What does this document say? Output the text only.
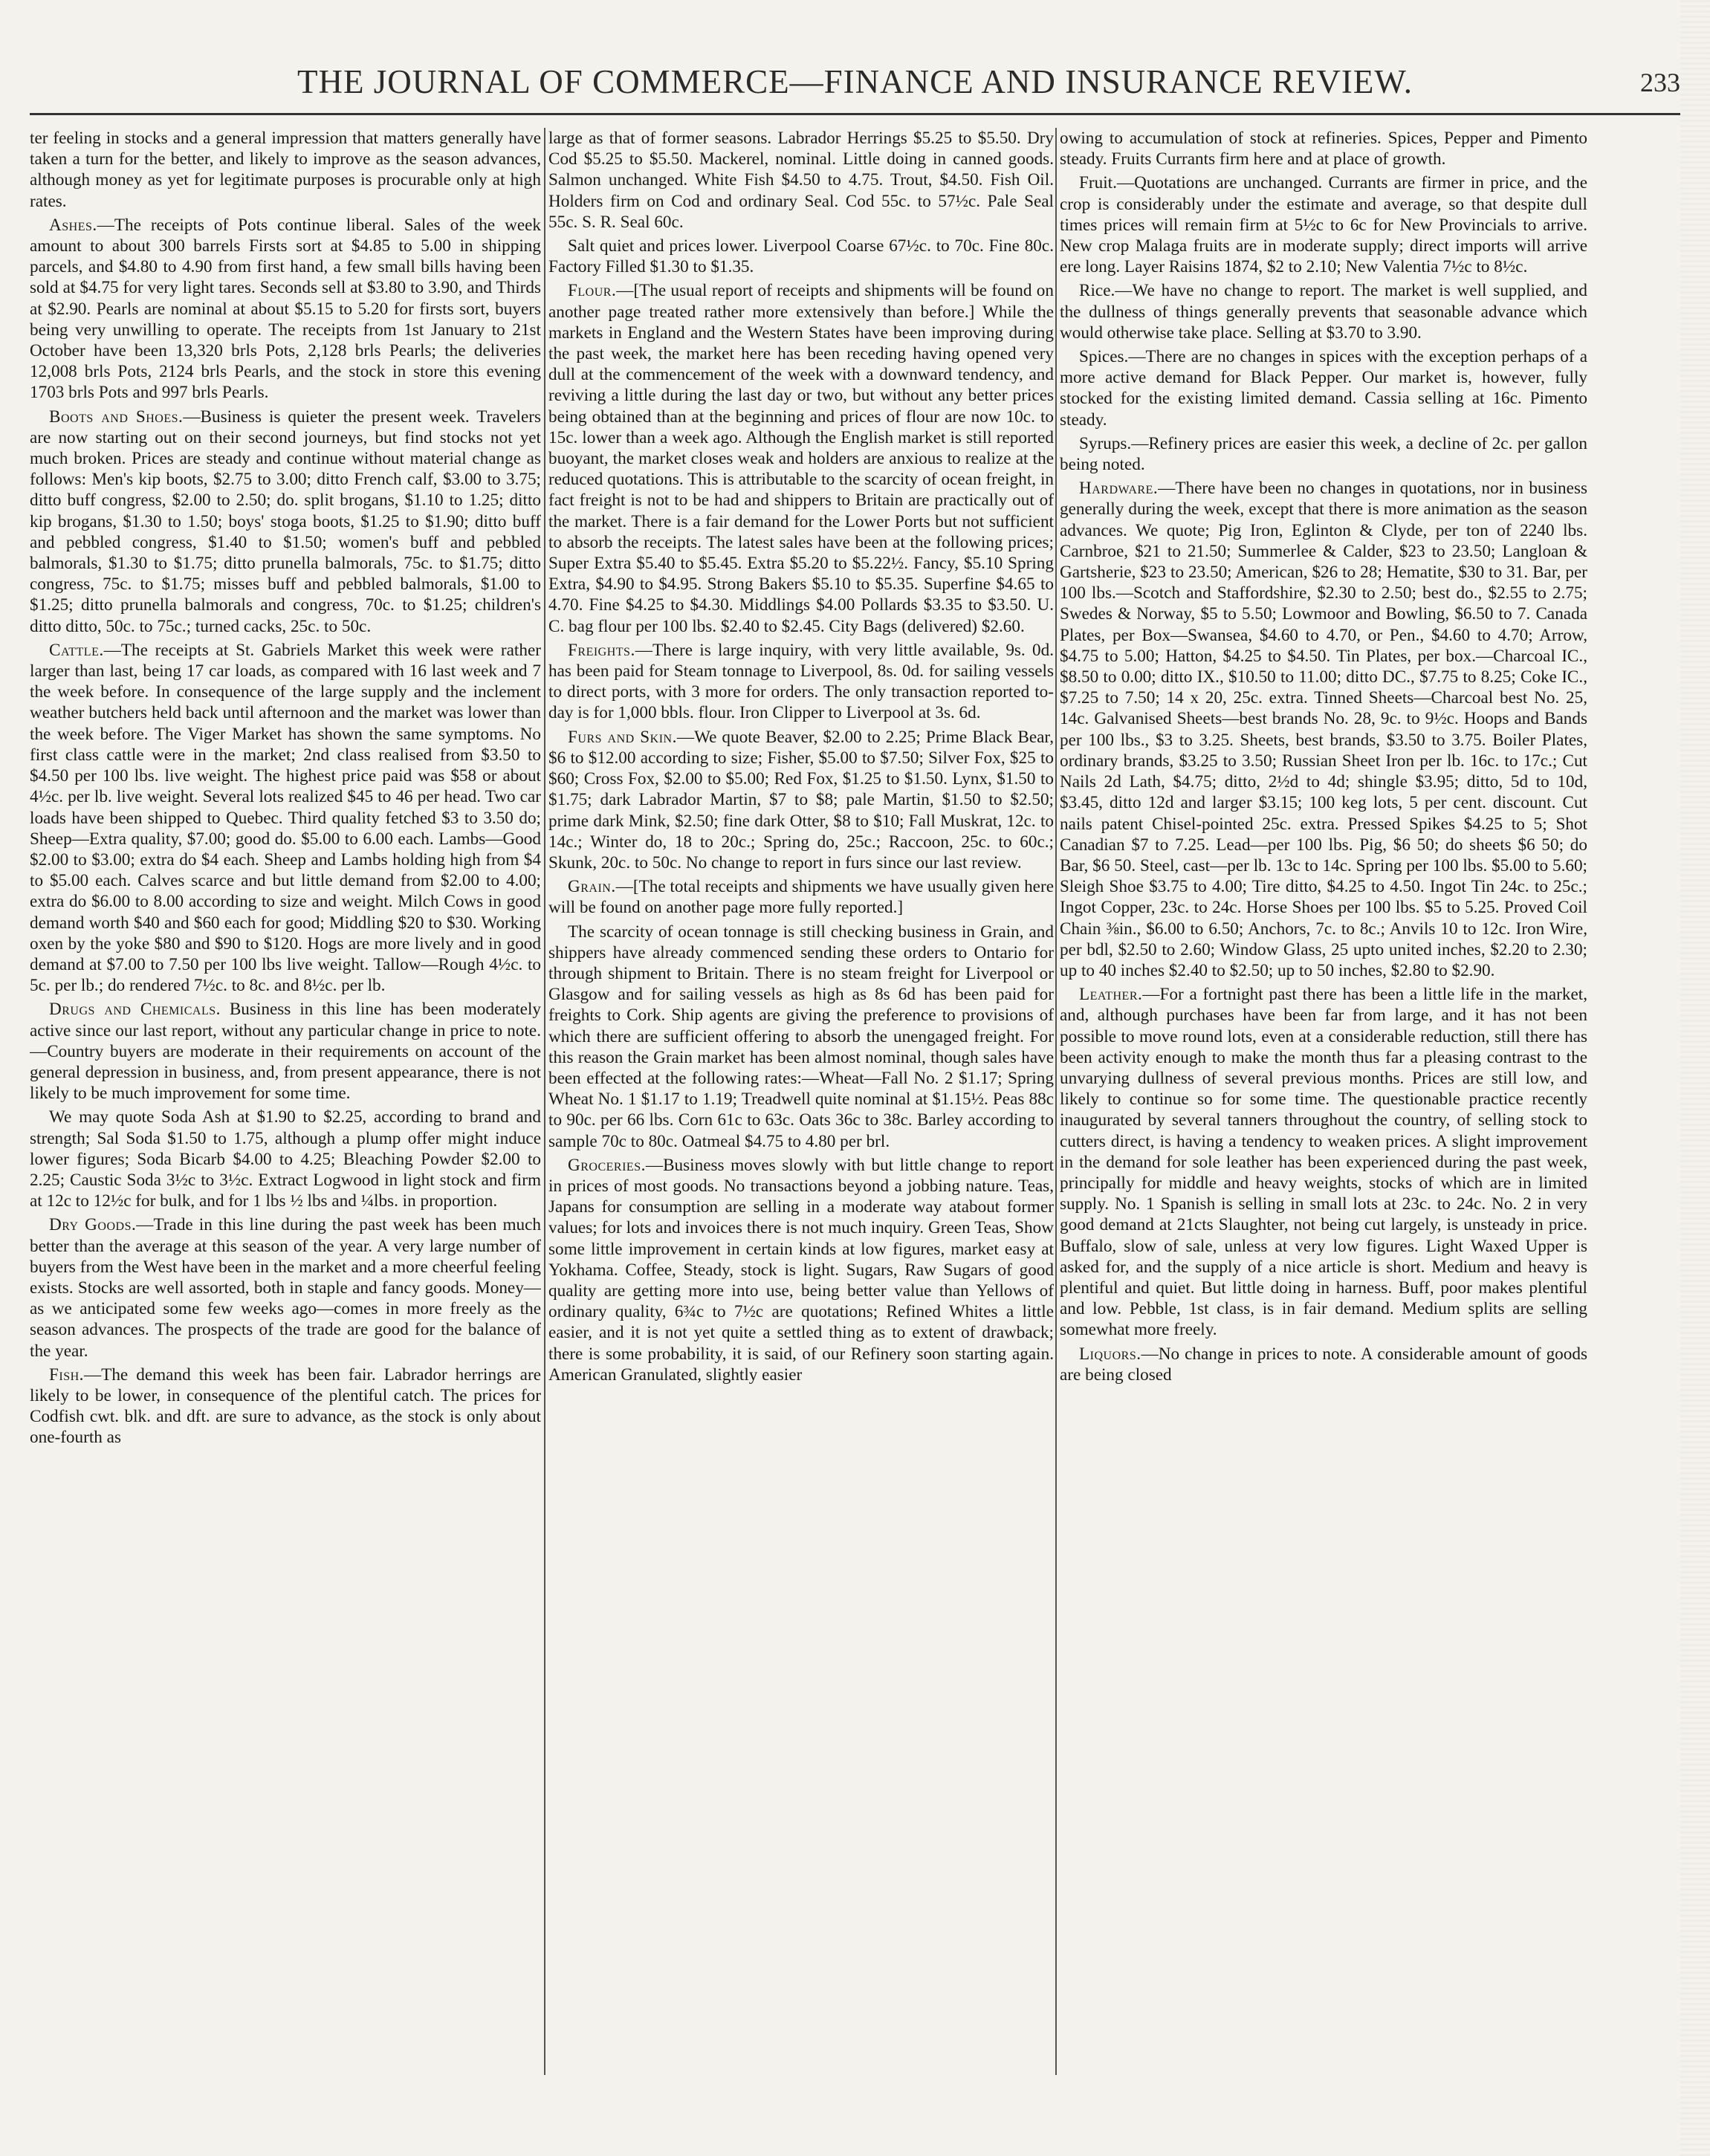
THE JOURNAL OF COMMERCE—FINANCE AND INSURANCE REVIEW.	233

ter feeling in stocks and a general impression that matters generally have taken a turn for the better, and likely to improve as the season advances, although money as yet for legitimate purposes is procurable only at high rates.

Ashes.—The receipts of Pots continue liberal. Sales of the week amount to about 300 barrels Firsts sort at $4.85 to 5.00 in shipping parcels, and $4.80 to 4.90 from first hand, a few small bills having been sold at $4.75 for very light tares. Seconds sell at $3.80 to 3.90, and Thirds at $2.90. Pearls are nominal at about $5.15 to 5.20 for firsts sort, buyers being very unwilling to operate. The receipts from 1st January to 21st October have been 13,320 brls Pots, 2,128 brls Pearls; the deliveries 12,008 brls Pots, 2124 brls Pearls, and the stock in store this evening 1703 brls Pots and 997 brls Pearls.

Boots and Shoes.—Business is quieter the present week. Travelers are now starting out on their second journeys, but find stocks not yet much broken. Prices are steady and continue without material change as follows: Men's kip boots, $2.75 to 3.00; ditto French calf, $3.00 to 3.75; ditto buff congress, $2.00 to 2.50; do. split brogans, $1.10 to 1.25; ditto kip brogans, $1.30 to 1.50; boys' stoga boots, $1.25 to $1.90; ditto buff and pebbled congress, $1.40 to $1.50; women's buff and pebbled balmorals, $1.30 to $1.75; ditto prunella balmorals, 75c. to $1.75; ditto congress, 75c. to $1.75; misses buff and pebbled balmorals, $1.00 to $1.25; ditto prunella balmorals and congress, 70c. to $1.25; children's ditto ditto, 50c. to 75c.; turned cacks, 25c. to 50c.

Cattle.—The receipts at St. Gabriels Market this week were rather larger than last, being 17 car loads, as compared with 16 last week and 7 the week before. In consequence of the large supply and the inclement weather butchers held back until afternoon and the market was lower than the week before. The Viger Market has shown the same symptoms. No first class cattle were in the market; 2nd class realised from $3.50 to $4.50 per 100 lbs. live weight. The highest price paid was $58 or about 4½c. per lb. live weight. Several lots realized $45 to 46 per head. Two car loads have been shipped to Quebec. Third quality fetched $3 to 3.50 do; Sheep—Extra quality, $7.00; good do. $5.00 to 6.00 each. Lambs—Good $2.00 to $3.00; extra do $4 each. Sheep and Lambs holding high from $4 to $5.00 each. Calves scarce and but little demand from $2.00 to 4.00; extra do $6.00 to 8.00 according to size and weight. Milch Cows in good demand worth $40 and $60 each for good; Middling $20 to $30. Working oxen by the yoke $80 and $90 to $120. Hogs are more lively and in good demand at $7.00 to 7.50 per 100 lbs live weight. Tallow—Rough 4½c. to 5c. per lb.; do rendered 7½c. to 8c. and 8½c. per lb.

Drugs and Chemicals. Business in this line has been moderately active since our last report, without any particular change in price to note.—Country buyers are moderate in their requirements on account of the general depression in business, and, from present appearance, there is not likely to be much improvement for some time.

We may quote Soda Ash at $1.90 to $2.25, according to brand and strength; Sal Soda $1.50 to 1.75, although a plump offer might induce lower figures; Soda Bicarb $4.00 to 4.25; Bleaching Powder $2.00 to 2.25; Caustic Soda 3½c to 3½c. Extract Logwood in light stock and firm at 12c to 12½c for bulk, and for 1 lbs ½ lbs and ¼lbs. in proportion.

Dry Goods.—Trade in this line during the past week has been much better than the average at this season of the year. A very large number of buyers from the West have been in the market and a more cheerful feeling exists. Stocks are well assorted, both in staple and fancy goods. Money—as we anticipated some few weeks ago—comes in more freely as the season advances. The prospects of the trade are good for the balance of the year.

Fish.—The demand this week has been fair. Labrador herrings are likely to be lower, in consequence of the plentiful catch. The prices for Codfish cwt. blk. and dft. are sure to advance, as the stock is only about one-fourth as

large as that of former seasons. Labrador Herrings $5.25 to $5.50. Dry Cod $5.25 to $5.50. Mackerel, nominal. Little doing in canned goods. Salmon unchanged. White Fish $4.50 to 4.75. Trout, $4.50. Fish Oil. Holders firm on Cod and ordinary Seal. Cod 55c. to 57½c. Pale Seal 55c. S. R. Seal 60c.

Salt quiet and prices lower. Liverpool Coarse 67½c. to 70c. Fine 80c. Factory Filled $1.30 to $1.35.

Flour.—[The usual report of receipts and shipments will be found on another page treated rather more extensively than before.] While the markets in England and the Western States have been improving during the past week, the market here has been receding having opened very dull at the commencement of the week with a downward tendency, and reviving a little during the last day or two, but without any better prices being obtained than at the beginning and prices of flour are now 10c. to 15c. lower than a week ago. Although the English market is still reported buoyant, the market closes weak and holders are anxious to realize at the reduced quotations. This is attributable to the scarcity of ocean freight, in fact freight is not to be had and shippers to Britain are practically out of the market. There is a fair demand for the Lower Ports but not sufficient to absorb the receipts. The latest sales have been at the following prices; Super Extra $5.40 to $5.45. Extra $5.20 to $5.22½. Fancy, $5.10 Spring Extra, $4.90 to $4.95. Strong Bakers $5.10 to $5.35. Superfine $4.65 to 4.70. Fine $4.25 to $4.30. Middlings $4.00 Pollards $3.35 to $3.50. U. C. bag flour per 100 lbs. $2.40 to $2.45. City Bags (delivered) $2.60.

Freights.—There is large inquiry, with very little available, 9s. 0d. has been paid for Steam tonnage to Liverpool, 8s. 0d. for sailing vessels to direct ports, with 3 more for orders. The only transaction reported to-day is for 1,000 bbls. flour. Iron Clipper to Liverpool at 3s. 6d.

Furs and Skin.—We quote Beaver, $2.00 to 2.25; Prime Black Bear, $6 to $12.00 according to size; Fisher, $5.00 to $7.50; Silver Fox, $25 to $60; Cross Fox, $2.00 to $5.00; Red Fox, $1.25 to $1.50. Lynx, $1.50 to $1.75; dark Labrador Martin, $7 to $8; pale Martin, $1.50 to $2.50; prime dark Mink, $2.50; fine dark Otter, $8 to $10; Fall Muskrat, 12c. to 14c.; Winter do, 18 to 20c.; Spring do, 25c.; Raccoon, 25c. to 60c.; Skunk, 20c. to 50c. No change to report in furs since our last review.

Grain.—[The total receipts and shipments we have usually given here will be found on another page more fully reported.]

The scarcity of ocean tonnage is still checking business in Grain, and shippers have already commenced sending these orders to Ontario for through shipment to Britain. There is no steam freight for Liverpool or Glasgow and for sailing vessels as high as 8s 6d has been paid for freights to Cork. Ship agents are giving the preference to provisions of which there are sufficient offering to absorb the unengaged freight. For this reason the Grain market has been almost nominal, though sales have been effected at the following rates:—Wheat—Fall No. 2 $1.17; Spring Wheat No. 1 $1.17 to 1.19; Treadwell quite nominal at $1.15½. Peas 88c to 90c. per 66 lbs. Corn 61c to 63c. Oats 36c to 38c. Barley according to sample 70c to 80c. Oatmeal $4.75 to 4.80 per brl.

Groceries.—Business moves slowly with but little change to report in prices of most goods. No transactions beyond a jobbing nature. Teas, Japans for consumption are selling in a moderate way atabout former values; for lots and invoices there is not much inquiry. Green Teas, Show some little improvement in certain kinds at low figures, market easy at Yokhama. Coffee, Steady, stock is light. Sugars, Raw Sugars of good quality are getting more into use, being better value than Yellows of ordinary quality, 6¾c to 7½c are quotations; Refined Whites a little easier, and it is not yet quite a settled thing as to extent of drawback; there is some probability, it is said, of our Refinery soon starting again. American Granulated, slightly easier

owing to accumulation of stock at refineries. Spices, Pepper and Pimento steady. Fruits Currants firm here and at place of growth.

Fruit.—Quotations are unchanged. Currants are firmer in price, and the crop is considerably under the estimate and average, so that despite dull times prices will remain firm at 5½c to 6c for New Provincials to arrive. New crop Malaga fruits are in moderate supply; direct imports will arrive ere long. Layer Raisins 1874, $2 to 2.10; New Valentia 7½c to 8½c.

Rice.—We have no change to report. The market is well supplied, and the dullness of things generally prevents that seasonable advance which would otherwise take place. Selling at $3.70 to 3.90.

Spices.—There are no changes in spices with the exception perhaps of a more active demand for Black Pepper. Our market is, however, fully stocked for the existing limited demand. Cassia selling at 16c. Pimento steady.

Syrups.—Refinery prices are easier this week, a decline of 2c. per gallon being noted.

Hardware.—There have been no changes in quotations, nor in business generally during the week, except that there is more animation as the season advances. We quote; Pig Iron, Eglinton & Clyde, per ton of 2240 lbs. Carnbroe, $21 to 21.50; Summerlee & Calder, $23 to 23.50; Langloan & Gartsherie, $23 to 23.50; American, $26 to 28; Hematite, $30 to 31. Bar, per 100 lbs.—Scotch and Staffordshire, $2.30 to 2.50; best do., $2.55 to 2.75; Swedes & Norway, $5 to 5.50; Lowmoor and Bowling, $6.50 to 7. Canada Plates, per Box—Swansea, $4.60 to 4.70, or Pen., $4.60 to 4.70; Arrow, $4.75 to 5.00; Hatton, $4.25 to $4.50. Tin Plates, per box.—Charcoal IC., $8.50 to 0.00; ditto IX., $10.50 to 11.00; ditto DC., $7.75 to 8.25; Coke IC., $7.25 to 7.50; 14 x 20, 25c. extra. Tinned Sheets—Charcoal best No. 25, 14c. Galvanised Sheets—best brands No. 28, 9c. to 9½c. Hoops and Bands per 100 lbs., $3 to 3.25. Sheets, best brands, $3.50 to 3.75. Boiler Plates, ordinary brands, $3.25 to 3.50; Russian Sheet Iron per lb. 16c. to 17c.; Cut Nails 2d Lath, $4.75; ditto, 2½d to 4d; shingle $3.95; ditto, 5d to 10d, $3.45, ditto 12d and larger $3.15; 100 keg lots, 5 per cent. discount. Cut nails patent Chisel-pointed 25c. extra. Pressed Spikes $4.25 to 5; Shot Canadian $7 to 7.25. Lead—per 100 lbs. Pig, $6 50; do sheets $6 50; do Bar, $6 50. Steel, cast—per lb. 13c to 14c. Spring per 100 lbs. $5.00 to 5.60; Sleigh Shoe $3.75 to 4.00; Tire ditto, $4.25 to 4.50. Ingot Tin 24c. to 25c.; Ingot Copper, 23c. to 24c. Horse Shoes per 100 lbs. $5 to 5.25. Proved Coil Chain ⅜in., $6.00 to 6.50; Anchors, 7c. to 8c.; Anvils 10 to 12c. Iron Wire, per bdl, $2.50 to 2.60; Window Glass, 25 upto united inches, $2.20 to 2.30; up to 40 inches $2.40 to $2.50; up to 50 inches, $2.80 to $2.90.

Leather.—For a fortnight past there has been a little life in the market, and, although purchases have been far from large, and it has not been possible to move round lots, even at a considerable reduction, still there has been activity enough to make the month thus far a pleasing contrast to the unvarying dullness of several previous months. Prices are still low, and likely to continue so for some time. The questionable practice recently inaugurated by several tanners throughout the country, of selling stock to cutters direct, is having a tendency to weaken prices. A slight improvement in the demand for sole leather has been experienced during the past week, principally for middle and heavy weights, stocks of which are in limited supply. No. 1 Spanish is selling in small lots at 23c. to 24c. No. 2 in very good demand at 21cts Slaughter, not being cut largely, is unsteady in price. Buffalo, slow of sale, unless at very low figures. Light Waxed Upper is asked for, and the supply of a nice article is short. Medium and heavy is plentiful and quiet. But little doing in harness. Buff, poor makes plentiful and low. Pebble, 1st class, is in fair demand. Medium splits are selling somewhat more freely.

Liquors.—No change in prices to note. A considerable amount of goods are being closed
